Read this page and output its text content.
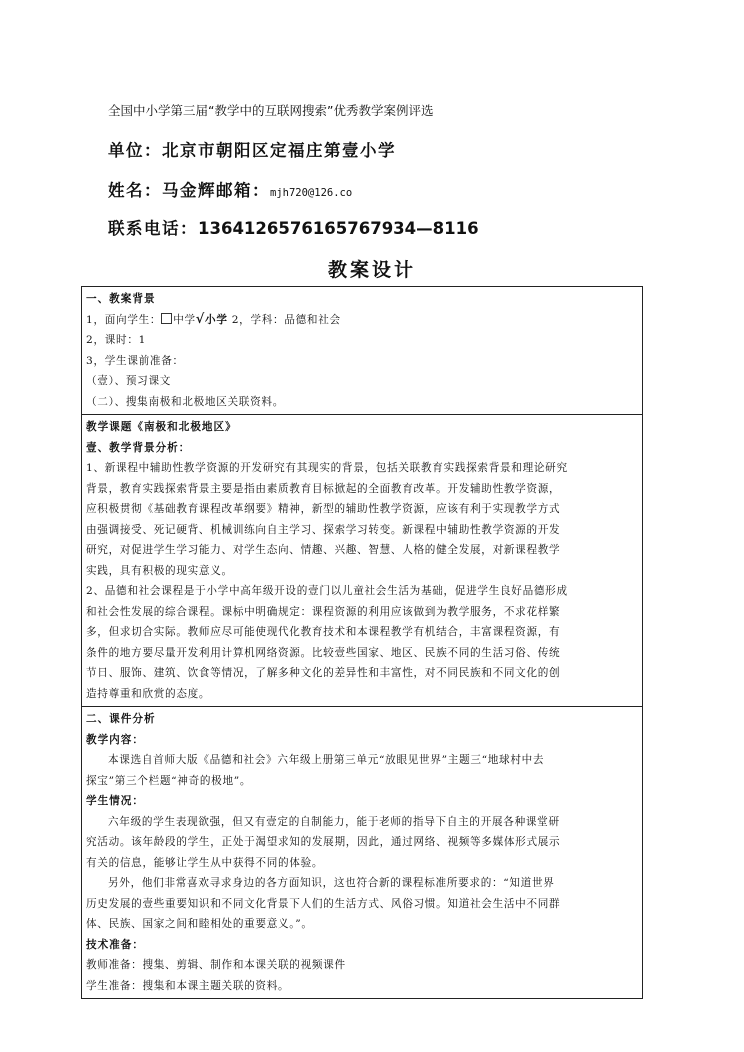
全国中小学第三届“教学中的互联网搜索”优秀教学案例评选
单位：北京市朝阳区定福庄第壹小学
姓名：马金辉邮箱：mjh720@126.co
联系电话：1364126576165767934—8116
教案设计

一、教案背景

1，面向学生： 中学√小学 2，学科：品德和社会

2，课时：1

3，学生课前准备：

（壹）、预习课文

（二）、搜集南极和北极地区关联资料。

教学课题《南极和北极地区》

壹、教学背景分析：

1、新课程中辅助性教学资源的开发研究有其现实的背景，包括关联教育实践探索背景和理论研究

背景，教育实践探索背景主要是指由素质教育目标掀起的全面教育改革。开发辅助性教学资源，

应积极贯彻《基础教育课程改革纲要》精神，新型的辅助性教学资源，应该有利于实现教学方式

由强调接受、死记硬背、机械训练向自主学习、探索学习转变。新课程中辅助性教学资源的开发

研究，对促进学生学习能力、对学生态向、情趣、兴趣、智慧、人格的健全发展，对新课程教学

实践，具有积极的现实意义。

2、品德和社会课程是于小学中高年级开设的壹门以儿童社会生活为基础，促进学生良好品德形成

和社会性发展的综合课程。课标中明确规定：课程资源的利用应该做到为教学服务，不求花样繁

多，但求切合实际。教师应尽可能使现代化教育技术和本课程教学有机结合，丰富课程资源，有

条件的地方要尽量开发利用计算机网络资源。比较壹些国家、地区、民族不同的生活习俗、传统

节日、服饰、建筑、饮食等情况，了解多种文化的差异性和丰富性，对不同民族和不同文化的创

造持尊重和欣赏的态度。

二、课件分析

教学内容：

本课选自首师大版《品德和社会》六年级上册第三单元“放眼见世界”主题三“地球村中去

探宝”第三个栏题“神奇的极地”。

学生情况：

六年级的学生表现欲强，但又有壹定的自制能力，能于老师的指导下自主的开展各种课堂研

究活动。该年龄段的学生，正处于渴望求知的发展期，因此，通过网络、视频等多媒体形式展示

有关的信息，能够让学生从中获得不同的体验。

另外，他们非常喜欢寻求身边的各方面知识，这也符合新的课程标准所要求的：“知道世界

历史发展的壹些重要知识和不同文化背景下人们的生活方式、风俗习惯。知道社会生活中不同群

体、民族、国家之间和睦相处的重要意义。”。

技术准备：

教师准备：搜集、剪辑、制作和本课关联的视频课件

学生准备：搜集和本课主题关联的资料。
